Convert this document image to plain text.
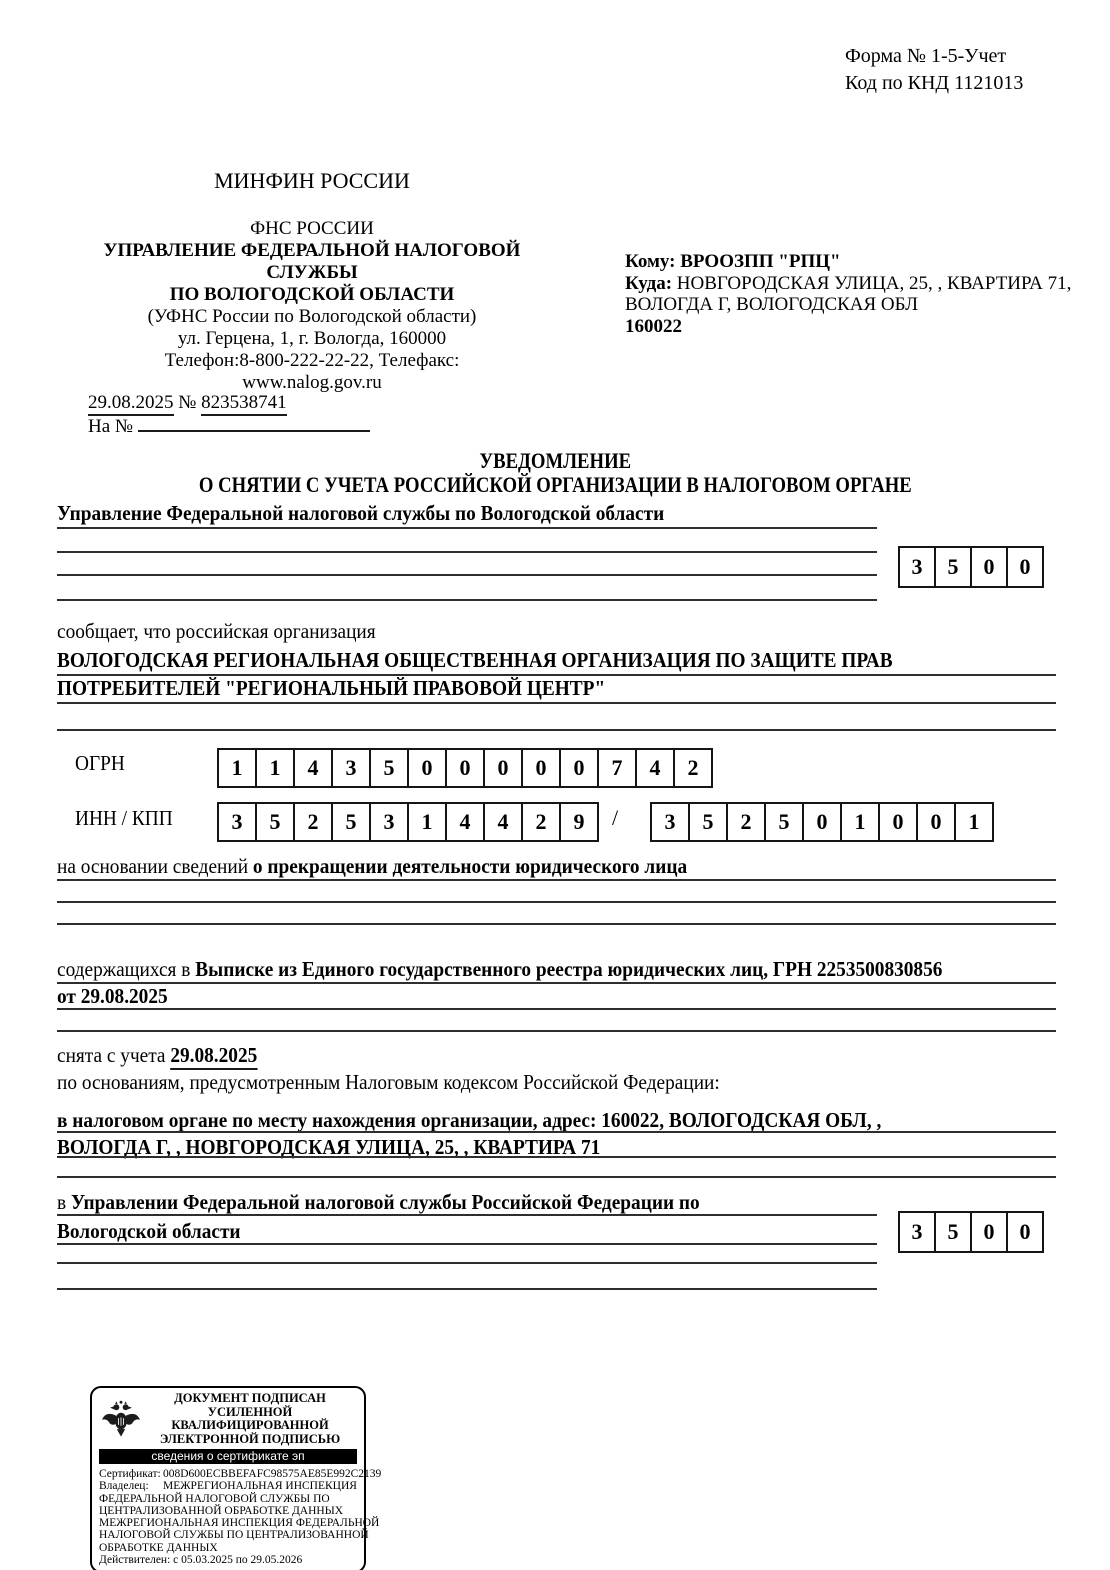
Форма № 1-5-Учет
Код по КНД 1121013
МИНФИН РОССИИ
ФНС РОССИИ
УПРАВЛЕНИЕ ФЕДЕРАЛЬНОЙ НАЛОГОВОЙ СЛУЖБЫ
ПО ВОЛОГОДСКОЙ ОБЛАСТИ
(УФНС России по Вологодской области)
ул. Герцена, 1, г. Вологда, 160000
Телефон:8-800-222-22-22, Телефакс:
www.nalog.gov.ru
Кому: ВРООЗПП "РПЦ"
Куда: НОВГОРОДСКАЯ УЛИЦА, 25, , КВАРТИРА 71,
ВОЛОГДА Г, ВОЛОГОДСКАЯ ОБЛ
160022
29.08.2025 № 823538741
На №
УВЕДОМЛЕНИЕ
О СНЯТИИ С УЧЕТА РОССИЙСКОЙ ОРГАНИЗАЦИИ В НАЛОГОВОМ ОРГАНЕ
Управление Федеральной налоговой службы по Вологодской области
3	5	0	0
сообщает, что российская организация
ВОЛОГОДСКАЯ РЕГИОНАЛЬНАЯ ОБЩЕСТВЕННАЯ ОРГАНИЗАЦИЯ ПО ЗАЩИТЕ ПРАВ
ПОТРЕБИТЕЛЕЙ "РЕГИОНАЛЬНЫЙ ПРАВОВОЙ ЦЕНТР"
ОГРН	1	1	4	3	5	0	0	0	0	0	7	4	2
ИНН / КПП	3	5	2	5	3	1	4	4	2	9	/	3	5	2	5	0	1	0	0	1
на основании сведений о прекращении деятельности юридического лица
содержащихся в Выписке из Единого государственного реестра юридических лиц, ГРН 2253500830856
от 29.08.2025
снята с учета 29.08.2025
по основаниям, предусмотренным Налоговым кодексом Российской Федерации:
в налоговом органе по месту нахождения организации, адрес: 160022, ВОЛОГОДСКАЯ ОБЛ, ,
ВОЛОГДА Г, , НОВГОРОДСКАЯ УЛИЦА, 25, , КВАРТИРА 71
в Управлении Федеральной налоговой службы Российской Федерации по
Вологодской области	3	5	0	0
ДОКУМЕНТ ПОДПИСАН
УСИЛЕННОЙ КВАЛИФИЦИРОВАННОЙ
ЭЛЕКТРОННОЙ ПОДПИСЬЮ
сведения о сертификате эп
Сертификат: 008D600ECBBEFAFC98575AE85E992C2139
Владелец: МЕЖРЕГИОНАЛЬНАЯ ИНСПЕКЦИЯ
ФЕДЕРАЛЬНОЙ НАЛОГОВОЙ СЛУЖБЫ ПО
ЦЕНТРАЛИЗОВАННОЙ ОБРАБОТКЕ ДАННЫХ
МЕЖРЕГИОНАЛЬНАЯ ИНСПЕКЦИЯ ФЕДЕРАЛЬНОЙ
НАЛОГОВОЙ СЛУЖБЫ ПО ЦЕНТРАЛИЗОВАННОЙ
ОБРАБОТКЕ ДАННЫХ
Действителен: с 05.03.2025 по 29.05.2026
